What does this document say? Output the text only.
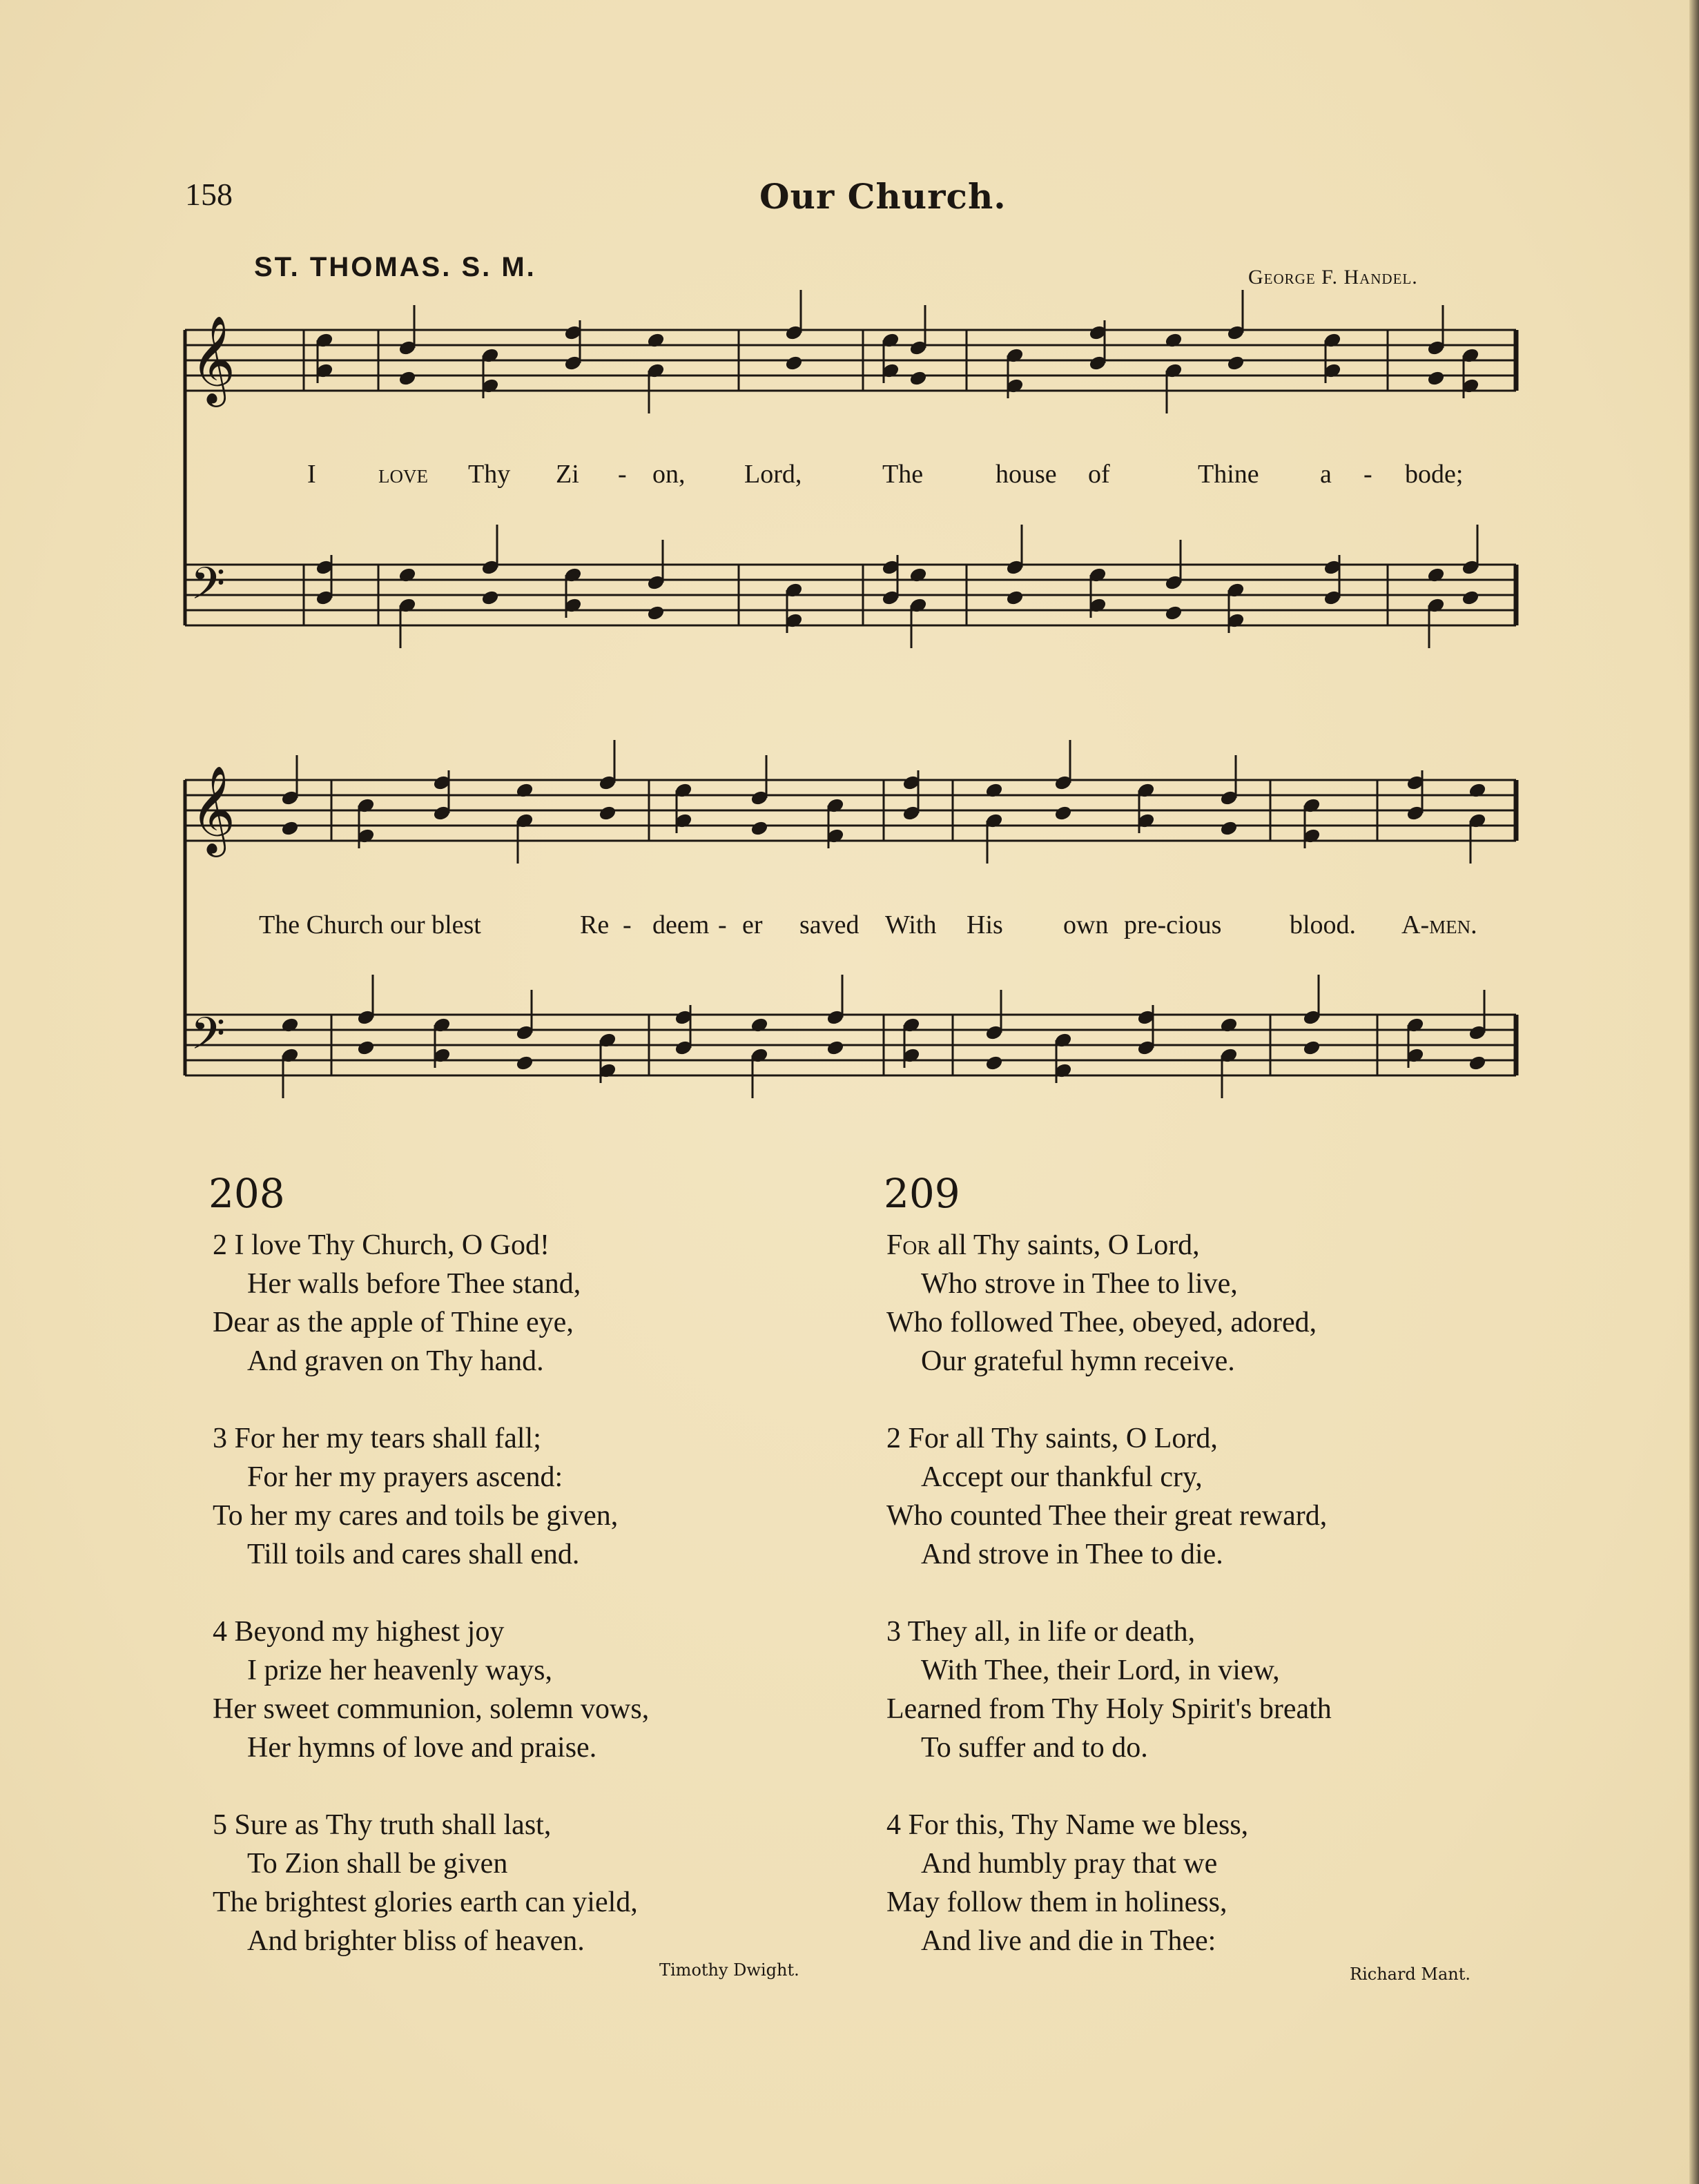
158	Our Church.
ST. THOMAS. S. M.	George F. Handel.
𝄞
𝄢
𝄞
𝄢
I love Thy Zi - on, Lord,	The	house of	Thine a - bode;
The Church our blest	Re - deem - er saved With His own pre-cious	blood. A-men.
208
2 I love Thy Church, O God!
Her walls before Thee stand,
Dear as the apple of Thine eye,
And graven on Thy hand.
3 For her my tears shall fall;
For her my prayers ascend:
To her my cares and toils be given,
Till toils and cares shall end.
4 Beyond my highest joy
I prize her heavenly ways,
Her sweet communion, solemn vows,
Her hymns of love and praise.
5 Sure as Thy truth shall last,
To Zion shall be given
The brightest glories earth can yield,
And brighter bliss of heaven.
Timothy Dwight.
209
For all Thy saints, O Lord,
Who strove in Thee to live,
Who followed Thee, obeyed, adored,
Our grateful hymn receive.
2 For all Thy saints, O Lord,
Accept our thankful cry,
Who counted Thee their great reward,
And strove in Thee to die.
3 They all, in life or death,
With Thee, their Lord, in view,
Learned from Thy Holy Spirit's breath
To suffer and to do.
4 For this, Thy Name we bless,
And humbly pray that we
May follow them in holiness,
And live and die in Thee:
Richard Mant.
